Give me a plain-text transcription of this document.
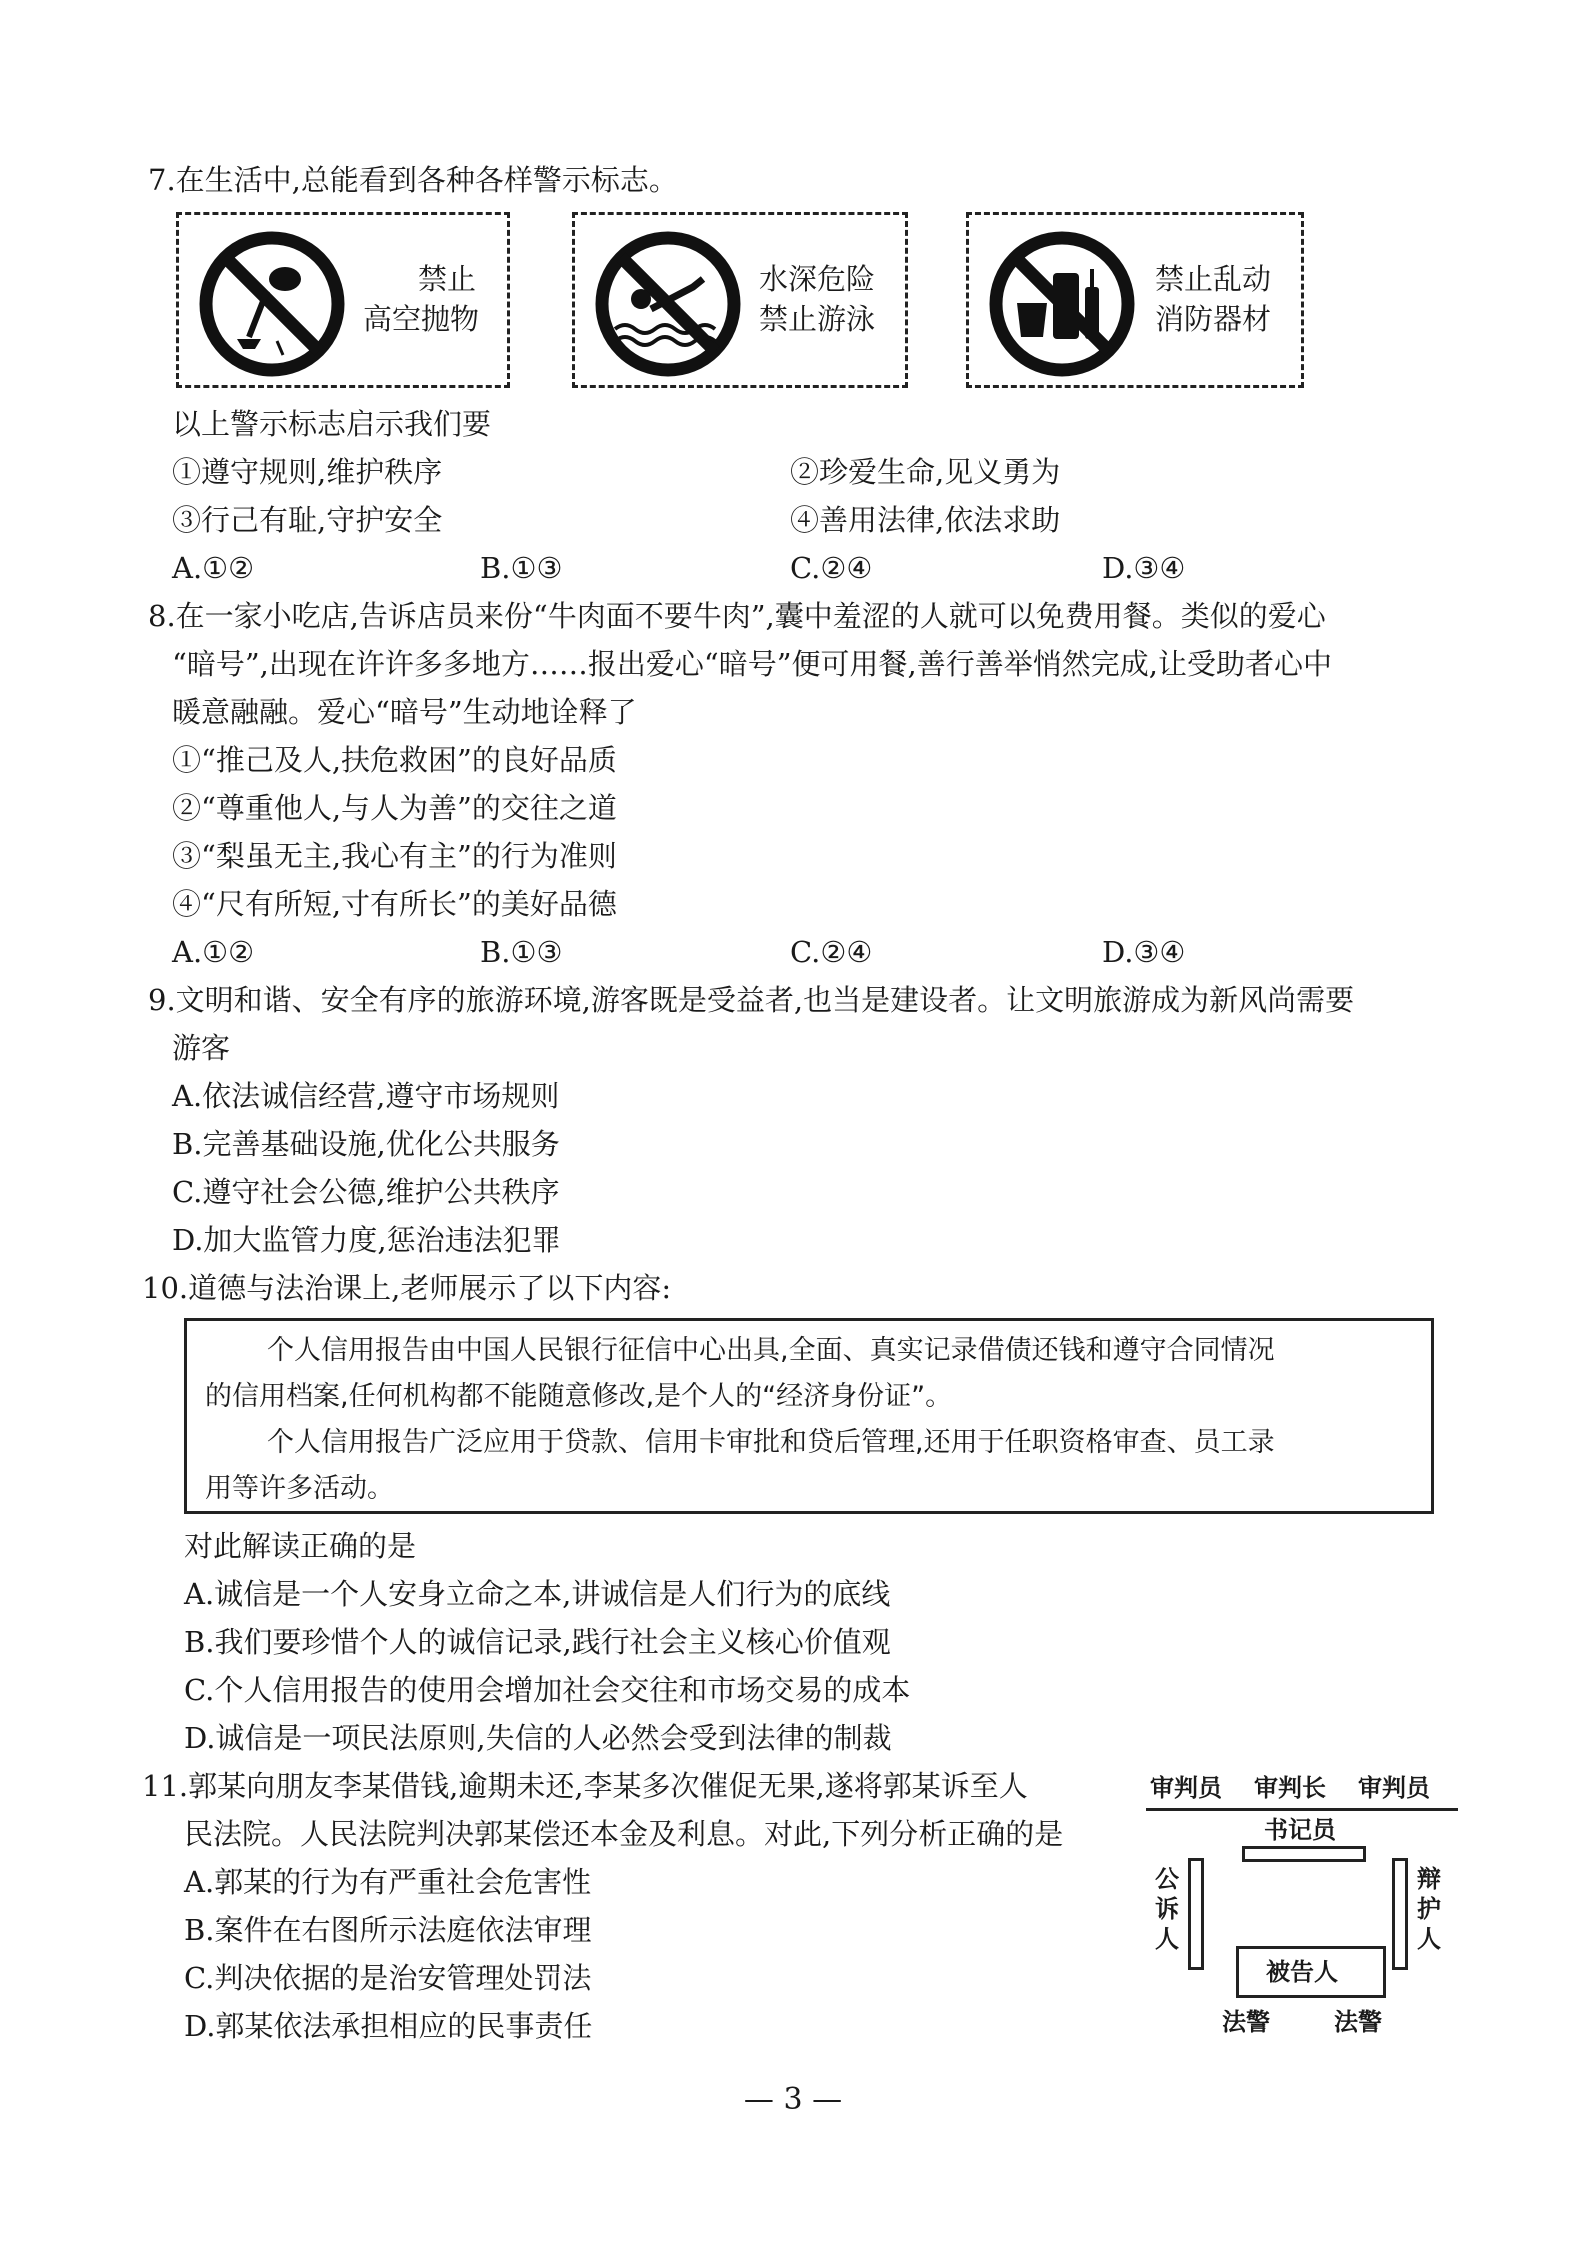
7.在生活中,总能看到各种各样警示标志。
禁止
高空抛物
水深危险
禁止游泳
禁止乱动
消防器材
以上警示标志启示我们要
①遵守规则,维护秩序	②珍爱生命,见义勇为
③行己有耻,守护安全	④善用法律,依法求助
A.①②	B.①③	C.②④	D.③④
8.在一家小吃店,告诉店员来份“牛肉面不要牛肉”,囊中羞涩的人就可以免费用餐。类似的爱心
“暗号”,出现在许许多多地方……报出爱心“暗号”便可用餐,善行善举悄然完成,让受助者心中
暖意融融。爱心“暗号”生动地诠释了
①“推己及人,扶危救困”的良好品质
②“尊重他人,与人为善”的交往之道
③“梨虽无主,我心有主”的行为准则
④“尺有所短,寸有所长”的美好品德
A.①②	B.①③	C.②④	D.③④
9.文明和谐、安全有序的旅游环境,游客既是受益者,也当是建设者。让文明旅游成为新风尚需要
游客
A.依法诚信经营,遵守市场规则
B.完善基础设施,优化公共服务
C.遵守社会公德,维护公共秩序
D.加大监管力度,惩治违法犯罪
10.道德与法治课上,老师展示了以下内容:
个人信用报告由中国人民银行征信中心出具,全面、真实记录借债还钱和遵守合同情况
的信用档案,任何机构都不能随意修改,是个人的“经济身份证”。
个人信用报告广泛应用于贷款、信用卡审批和贷后管理,还用于任职资格审查、员工录
用等许多活动。
对此解读正确的是
A.诚信是一个人安身立命之本,讲诚信是人们行为的底线
B.我们要珍惜个人的诚信记录,践行社会主义核心价值观
C.个人信用报告的使用会增加社会交往和市场交易的成本
D.诚信是一项民法原则,失信的人必然会受到法律的制裁
11.郭某向朋友李某借钱,逾期未还,李某多次催促无果,遂将郭某诉至人
民法院。人民法院判决郭某偿还本金及利息。对此,下列分析正确的是
A.郭某的行为有严重社会危害性
B.案件在右图所示法庭依法审理
C.判决依据的是治安管理处罚法
D.郭某依法承担相应的民事责任
审判员 审判长 审判员
书记员
公诉人
辩护人
被告人
法警	法警
— 3 —
